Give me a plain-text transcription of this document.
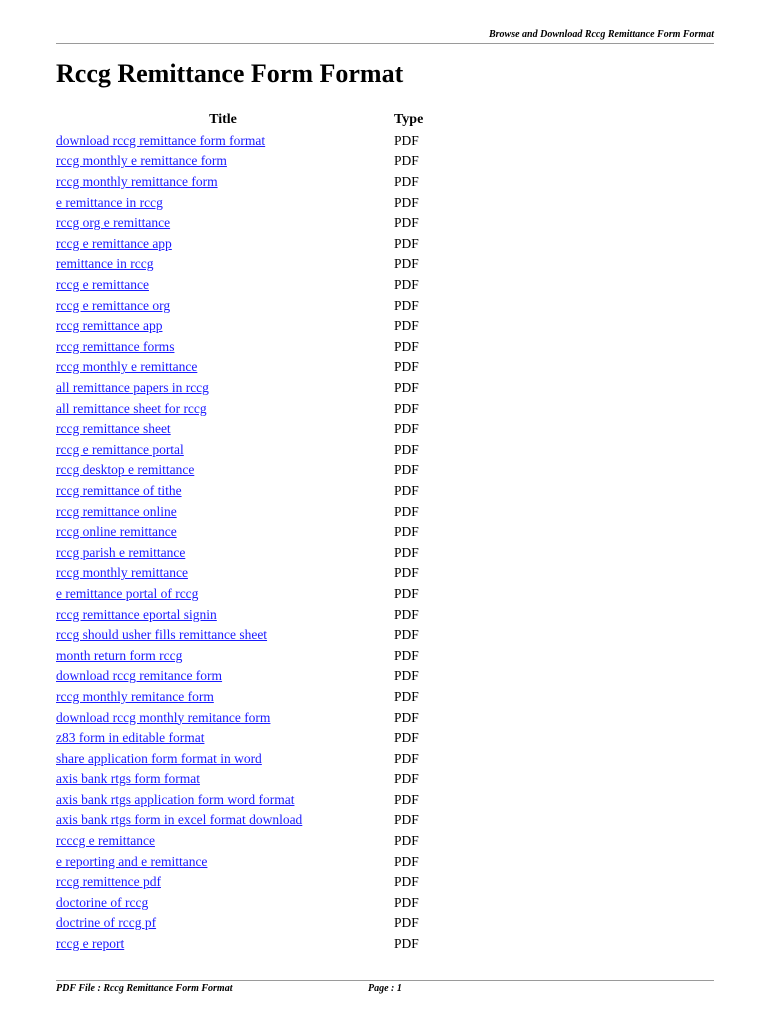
Browse and Download Rccg Remittance Form Format
Rccg Remittance Form Format
Title	Type
download rccg remittance form format	PDF
rccg monthly e remittance form	PDF
rccg monthly remittance form	PDF
e remittance in rccg	PDF
rccg org e remittance	PDF
rccg e remittance app	PDF
remittance in rccg	PDF
rccg e remittance	PDF
rccg e remittance org	PDF
rccg remittance app	PDF
rccg remittance forms	PDF
rccg monthly e remittance	PDF
all remittance papers in rccg	PDF
all remittance sheet for rccg	PDF
rccg remittance sheet	PDF
rccg e remittance portal	PDF
rccg desktop e remittance	PDF
rccg remittance of tithe	PDF
rccg remittance online	PDF
rccg online remittance	PDF
rccg parish e remittance	PDF
rccg monthly remittance	PDF
e remittance portal of rccg	PDF
rccg remittance eportal signin	PDF
rccg should usher fills remittance sheet	PDF
month return form rccg	PDF
download rccg remitance form	PDF
rccg monthly remitance form	PDF
download rccg monthly remitance form	PDF
z83 form in editable format	PDF
share application form format in word	PDF
axis bank rtgs form format	PDF
axis bank rtgs application form word format	PDF
axis bank rtgs form in excel format download	PDF
rcccg e remittance	PDF
e reporting and e remittance	PDF
rccg remittence pdf	PDF
doctorine of rccg	PDF
doctrine of rccg pf	PDF
rccg e report	PDF
PDF File : Rccg Remittance Form Format	Page : 1
